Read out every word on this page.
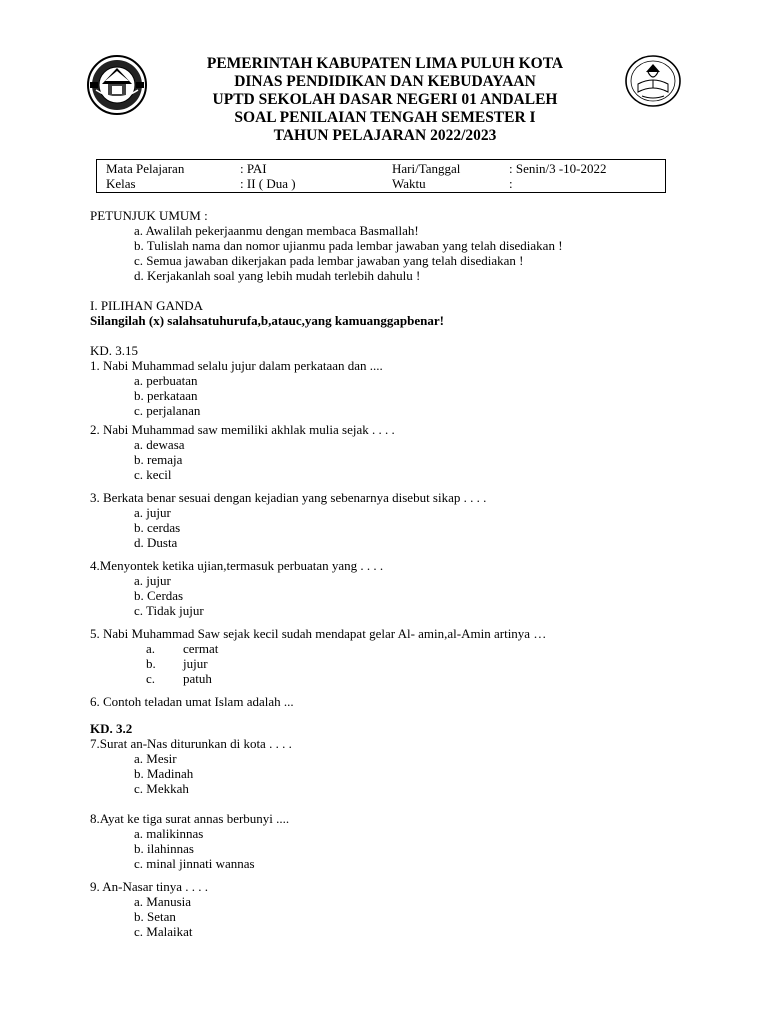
PEMERINTAH KABUPATEN LIMA PULUH KOTA
DINAS PENDIDIKAN DAN KEBUDAYAAN
UPTD SEKOLAH DASAR NEGERI 01 ANDALEH
SOAL PENILAIAN TENGAH SEMESTER I
TAHUN PELAJARAN 2022/2023
Mata Pelajaran	: PAI	Hari/Tanggal	: Senin/3 -10-2022
Kelas	: II ( Dua )	Waktu	:
PETUNJUK UMUM :
a. Awalilah pekerjaanmu dengan membaca Basmallah!
b. Tulislah nama dan nomor ujianmu pada lembar jawaban yang telah disediakan !
c. Semua jawaban dikerjakan pada lembar jawaban yang telah disediakan !
d. Kerjakanlah soal yang lebih mudah terlebih dahulu !
I. PILIHAN GANDA
Silangilah (x) salahsatuhurufa,b,atauc,yang kamuanggapbenar!
KD. 3.15
1. Nabi Muhammad selalu jujur dalam perkataan dan ....
a. perbuatan
b. perkataan
c. perjalanan
2. Nabi Muhammad saw memiliki akhlak mulia sejak . . . .
a. dewasa
b. remaja
c. kecil
3. Berkata benar sesuai dengan kejadian yang sebenarnya disebut sikap . . . .
a. jujur
b. cerdas
d. Dusta
4.Menyontek ketika ujian,termasuk perbuatan yang . . . .
a. jujur
b. Cerdas
c. Tidak jujur
5. Nabi Muhammad Saw sejak kecil sudah mendapat gelar Al- amin,al-Amin artinya …
a. cermat
b. jujur
c. patuh
6. Contoh teladan umat Islam adalah ...
KD. 3.2
7.Surat an-Nas diturunkan di kota . . . .
a. Mesir
b. Madinah
c. Mekkah
8.Ayat ke tiga surat annas berbunyi ....
a. malikinnas
b. ilahinnas
c. minal jinnati wannas
9. An-Nasar tinya . . . .
a. Manusia
b. Setan
c. Malaikat
